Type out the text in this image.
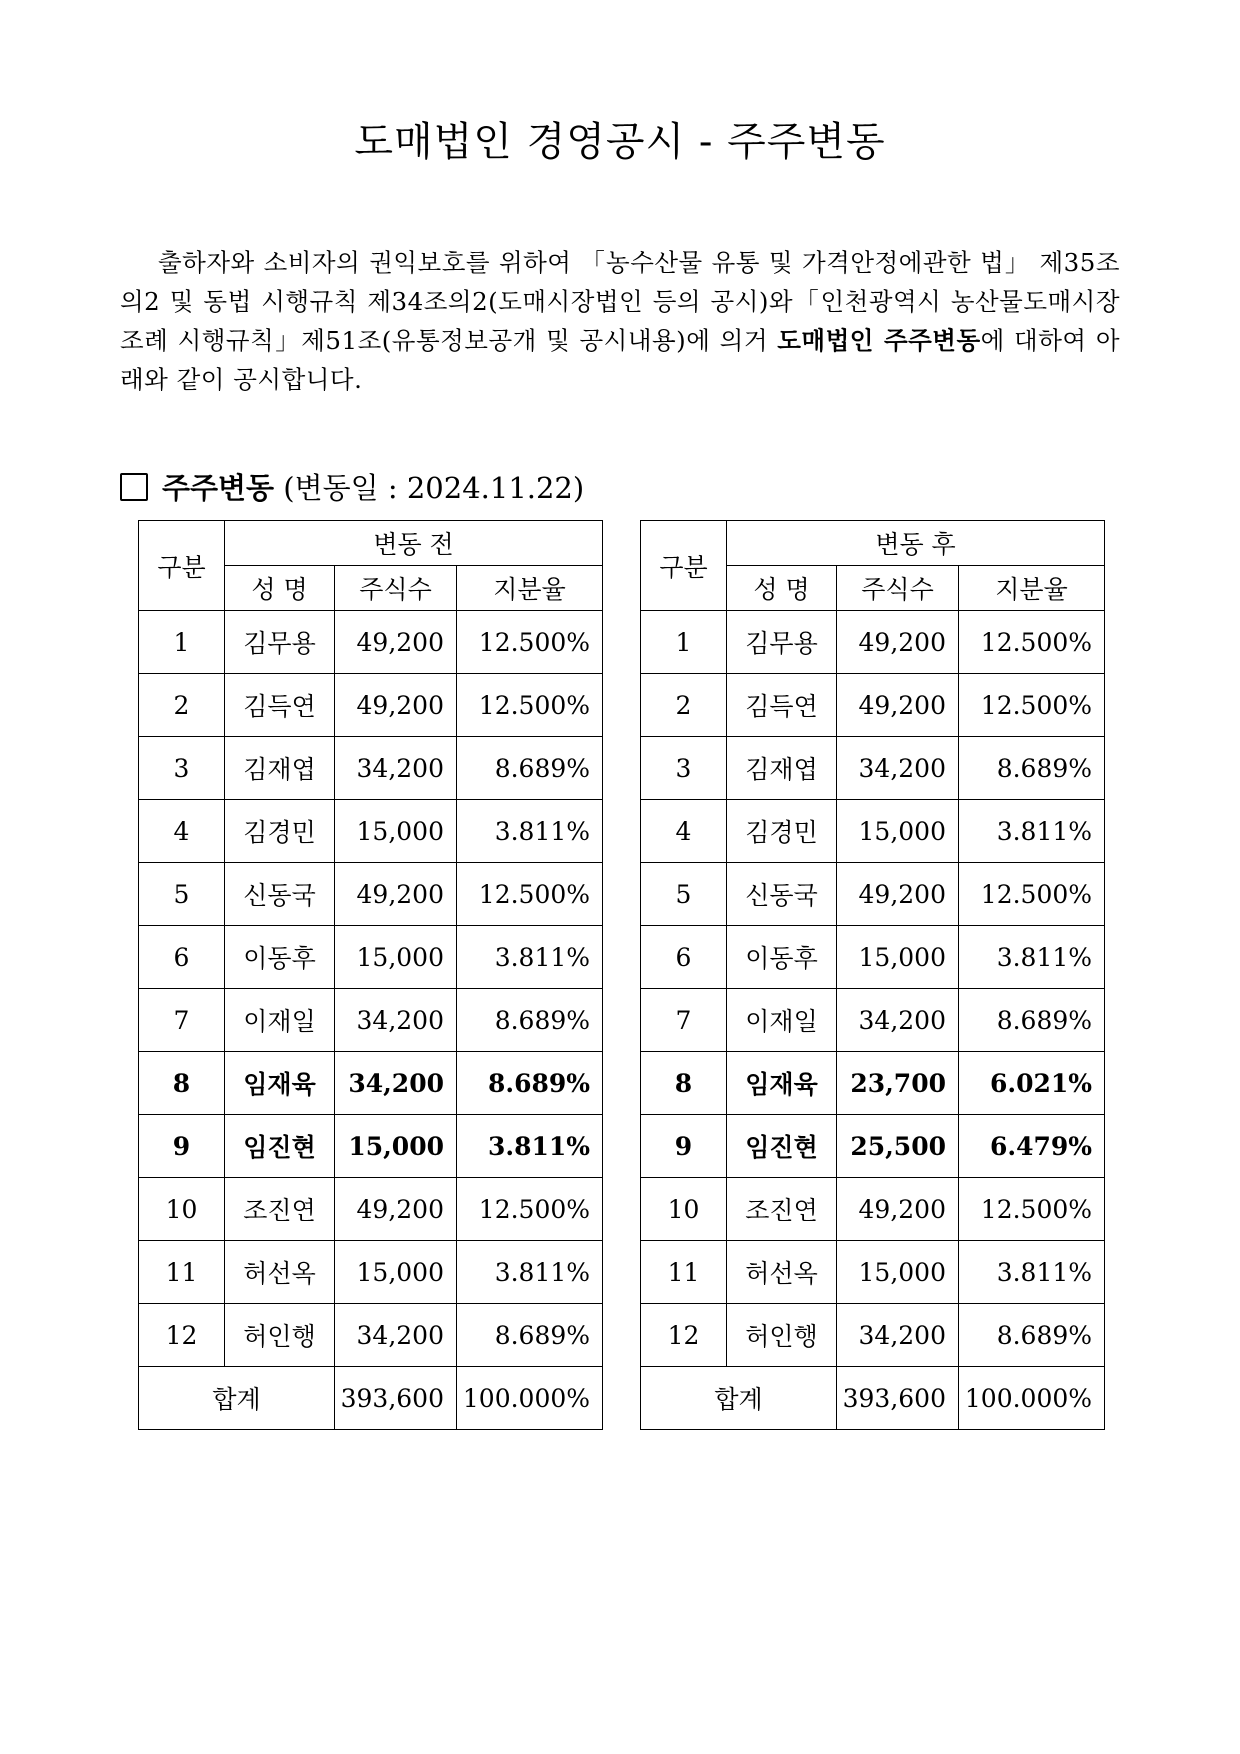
도매법인 경영공시 - 주주변동

출하자와 소비자의 권익보호를 위하여 「농수산물 유통 및 가격안정에관한 법」 제35조의2 및 동법 시행규칙 제34조의2(도매시장법인 등의 공시)와「인천광역시 농산물도매시장 조례 시행규칙」제51조(유통정보공개 및 공시내용)에 의거 도매법인 주주변동에 대하여 아래와 같이 공시합니다.

주주변동 (변동일 : 2024.11.22)
구분	변동 전		
	성 명	주식수	지분율
1	김무용	49,200	12.500%
2	김득연	49,200	12.500%
3	김재엽	34,200	8.689%
4	김경민	15,000	3.811%
5	신동국	49,200	12.500%
6	이동후	15,000	3.811%
7	이재일	34,200	8.689%
8	임재육	34,200	8.689%
9	임진현	15,000	3.811%
10	조진연	49,200	12.500%
11	허선옥	15,000	3.811%
12	허인행	34,200	8.689%
합계		393,600	100.000%
구분	변동 후		
	성 명	주식수	지분율
1	김무용	49,200	12.500%
2	김득연	49,200	12.500%
3	김재엽	34,200	8.689%
4	김경민	15,000	3.811%
5	신동국	49,200	12.500%
6	이동후	15,000	3.811%
7	이재일	34,200	8.689%
8	임재육	23,700	6.021%
9	임진현	25,500	6.479%
10	조진연	49,200	12.500%
11	허선옥	15,000	3.811%
12	허인행	34,200	8.689%
합계		393,600	100.000%
